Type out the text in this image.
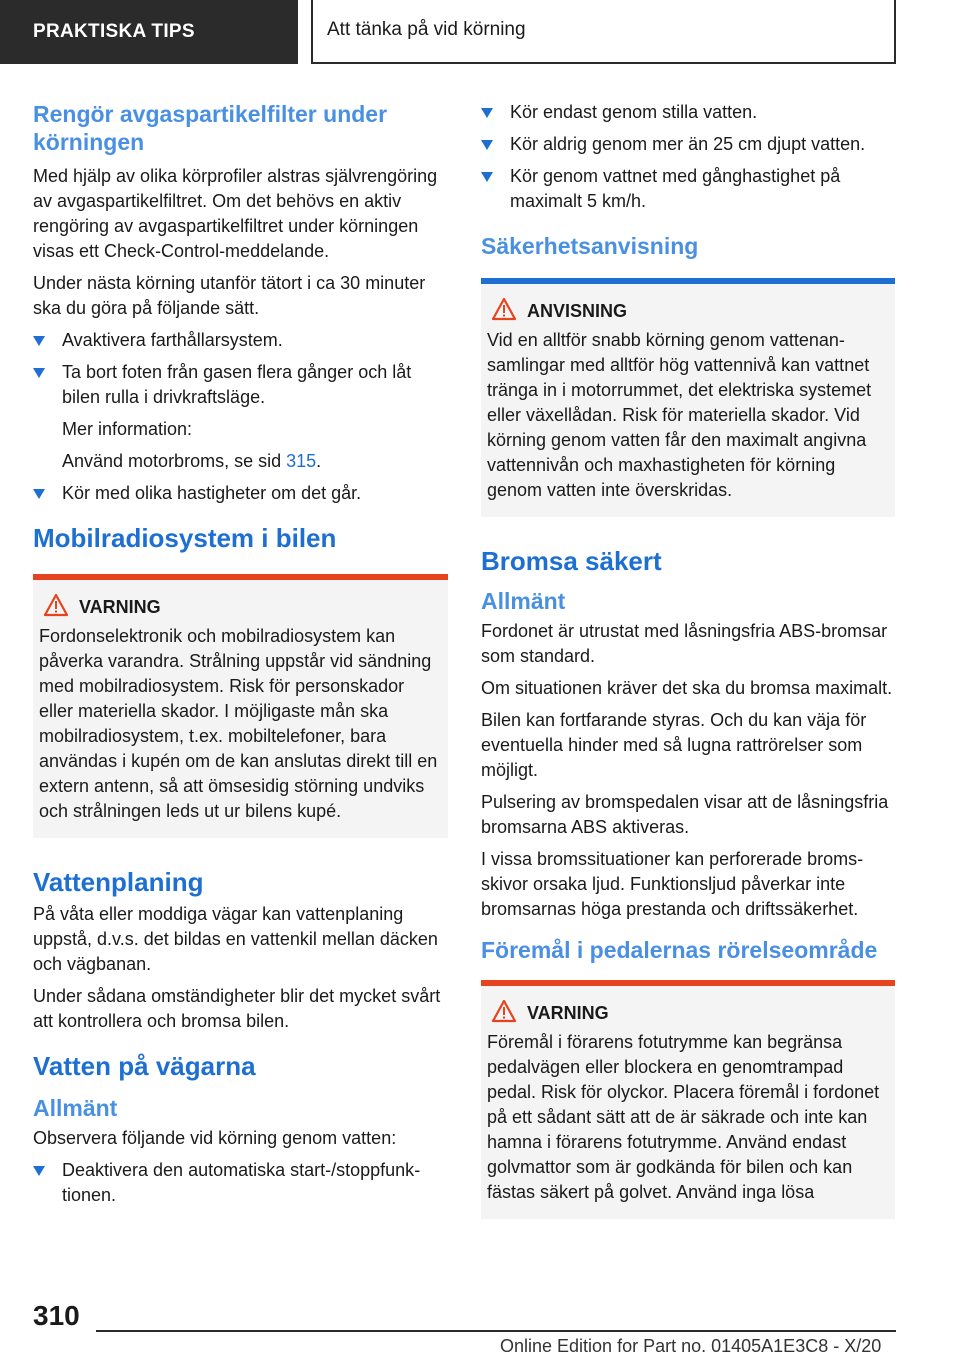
PRAKTISKA TIPS	Att tänka på vid körning
Rengör avgaspartikelfilter under körningen

Med hjälp av olika körprofiler alstras självrengöring av avgaspartikelfiltret. Om det behövs en aktiv rengöring av avgaspartikelfiltret under körningen visas ett Check-Control-meddelande.

Under nästa körning utanför tätort i ca 30 minuter ska du göra på följande sätt.

Avaktivera farthållarsystem.
Ta bort foten från gasen flera gånger och låt bilen rulla i drivkraftsläge.

Mer information:

Använd motorbroms, se sid 315.

Kör med olika hastigheter om det går.
Mobilradiosystem i bilen
VARNING

Fordonselektronik och mobilradiosystem kan påverka varandra. Strålning uppstår vid sändning med mobilradiosystem. Risk för personskador eller materiella skador. I möjligaste mån ska mobilradiosystem, t.ex. mobiltelefoner, bara användas i kupén om de kan anslutas direkt till en extern antenn, så att ömsesidig störning undviks och strålningen leds ut ur bilens kupé.

Vattenplaning

På våta eller moddiga vägar kan vattenplaning uppstå, d.v.s. det bildas en vattenkil mellan däcken och vägbanan.

Under sådana omständigheter blir det mycket svårt att kontrollera och bromsa bilen.

Vatten på vägarna
Allmänt

Observera följande vid körning genom vatten:

Deaktivera den automatiska start-/stoppfunktionen.
Kör endast genom stilla vatten.
Kör aldrig genom mer än 25 cm djupt vatten.
Kör genom vattnet med gånghastighet på maximalt 5 km/h.
Säkerhetsanvisning
ANVISNING

Vid en alltför snabb körning genom vattenansamlingar med alltför hög vattennivå kan vattnet tränga in i motorrummet, det elektriska systemet eller växellådan. Risk för materiella skador. Vid körning genom vatten får den maximalt angivna vattennivån och maxhastigheten för körning genom vatten inte överskridas.

Bromsa säkert
Allmänt

Fordonet är utrustat med låsningsfria ABS-bromsar som standard.

Om situationen kräver det ska du bromsa maximalt.

Bilen kan fortfarande styras. Och du kan väja för eventuella hinder med så lugna rattrörelser som möjligt.

Pulsering av bromspedalen visar att de låsningsfria bromsarna ABS aktiveras.

I vissa bromssituationer kan perforerade bromsskivor orsaka ljud. Funktionsljud påverkar inte bromsarnas höga prestanda och driftssäkerhet.

Föremål i pedalernas rörelseområde
VARNING

Föremål i förarens fotutrymme kan begränsa pedalvägen eller blockera en genomtrampad pedal. Risk för olyckor. Placera föremål i fordonet på ett sådant sätt att de är säkrade och inte kan hamna i förarens fotutrymme. Använd endast golvmattor som är godkända för bilen och kan fästas säkert på golvet. Använd inga lösa

310
Online Edition for Part no. 01405A1E3C8 - X/20
